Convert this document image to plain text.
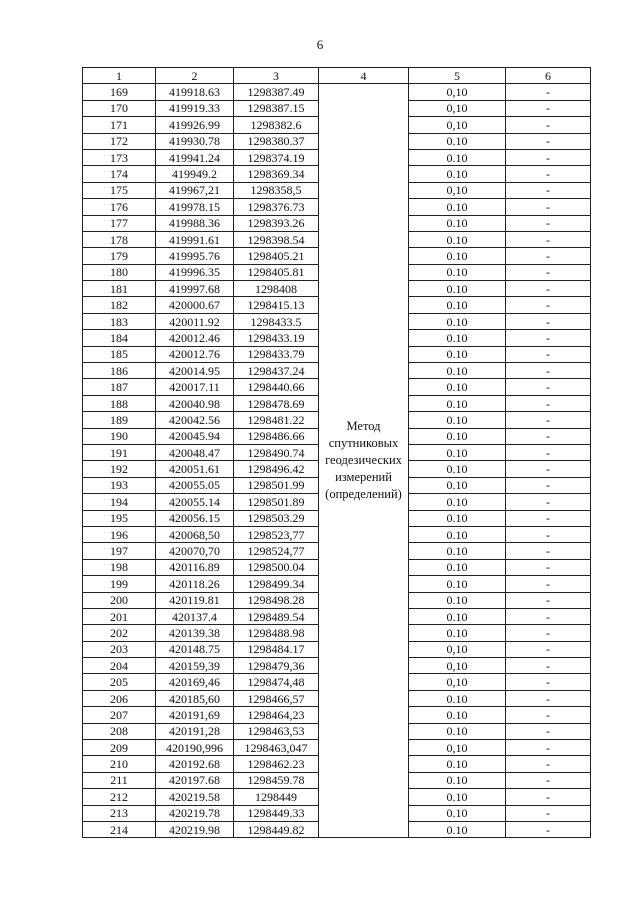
6
1	2	3	4	5	6
169	419918.63	1298387.49	Метод спутниковых геодезических измерений (определений)	0,10	-
170	419919.33	1298387.15		0,10	-
171	419926.99	1298382.6		0,10	-
172	419930.78	1298380.37		0.10	-
173	419941.24	1298374.19		0.10	-
174	419949.2	1298369.34		0.10	-
175	419967,21	1298358,5		0,10	-
176	419978.15	1298376.73		0.10	-
177	419988.36	1298393.26		0.10	-
178	419991.61	1298398.54		0.10	-
179	419995.76	1298405.21		0.10	-
180	419996.35	1298405.81		0.10	-
181	419997.68	1298408		0.10	-
182	420000.67	1298415.13		0.10	-
183	420011.92	1298433.5		0.10	-
184	420012.46	1298433.19		0.10	-
185	420012.76	1298433.79		0.10	-
186	420014.95	1298437.24		0.10	-
187	420017.11	1298440.66		0.10	-
188	420040.98	1298478.69		0.10	-
189	420042.56	1298481.22		0.10	-
190	420045.94	1298486.66		0.10	-
191	420048.47	1298490.74		0.10	-
192	420051.61	1298496.42		0.10	-
193	420055.05	1298501.99		0.10	-
194	420055.14	1298501.89		0.10	-
195	420056.15	1298503.29		0.10	-
196	420068,50	1298523,77		0.10	-
197	420070,70	1298524,77		0.10	-
198	420116.89	1298500.04		0.10	-
199	420118.26	1298499.34		0.10	-
200	420119.81	1298498.28		0.10	-
201	420137.4	1298489.54		0.10	-
202	420139.38	1298488.98		0.10	-
203	420148.75	1298484.17		0,10	-
204	420159,39	1298479,36		0,10	-
205	420169,46	1298474,48		0,10	-
206	420185,60	1298466,57		0.10	-
207	420191,69	1298464,23		0.10	-
208	420191,28	1298463,53		0.10	-
209	420190,996	1298463,047		0,10	-
210	420192.68	1298462.23		0.10	-
211	420197.68	1298459.78		0.10	-
212	420219.58	1298449		0.10	-
213	420219.78	1298449.33		0.10	-
214	420219.98	1298449.82		0.10	-
